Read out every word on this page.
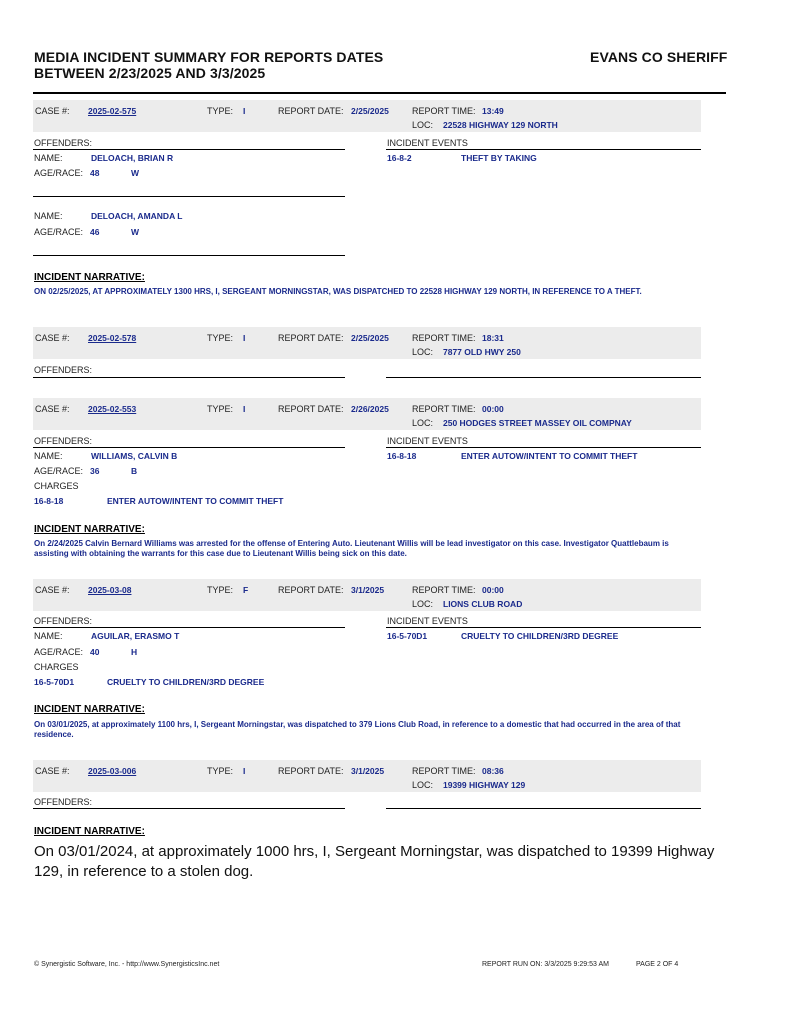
MEDIA INCIDENT SUMMARY FOR REPORTS DATES
BETWEEN 2/23/2025 AND 3/3/2025
EVANS CO SHERIFF
CASE #: 2025-02-575	TYPE: I	REPORT DATE: 2/25/2025	REPORT TIME: 13:49
LOC: 22528 HIGHWAY 129 NORTH
OFFENDERS:	INCIDENT EVENTS
NAME:	DELOACH, BRIAN R
AGE/RACE: 48	W
16-8-2	THEFT BY TAKING
NAME:	DELOACH, AMANDA L
AGE/RACE: 46	W
INCIDENT NARRATIVE:
ON 02/25/2025, AT APPROXIMATELY 1300 HRS, I, SERGEANT MORNINGSTAR, WAS DISPATCHED TO 22528 HIGHWAY 129 NORTH, IN REFERENCE TO A THEFT.
CASE #: 2025-02-578	TYPE: I	REPORT DATE: 2/25/2025	REPORT TIME: 18:31
LOC: 7877 OLD HWY 250
OFFENDERS:
CASE #: 2025-02-553	TYPE: I	REPORT DATE: 2/26/2025	REPORT TIME: 00:00
LOC: 250 HODGES STREET MASSEY OIL COMPNAY
OFFENDERS:	INCIDENT EVENTS
NAME:	WILLIAMS, CALVIN B
AGE/RACE: 36	B
CHARGES
16-8-18	ENTER AUTOW/INTENT TO COMMIT THEFT
16-8-18	ENTER AUTOW/INTENT TO COMMIT THEFT
INCIDENT NARRATIVE:
On 2/24/2025 Calvin Bernard Williams was arrested for the offense of Entering Auto. Lieutenant Willis will be lead investigator on this case. Investigator Quattlebaum is assisting with obtaining the warrants for this case due to Lieutenant Willis being sick on this date.
CASE #: 2025-03-08	TYPE: F	REPORT DATE: 3/1/2025	REPORT TIME: 00:00
LOC: LIONS CLUB ROAD
OFFENDERS:	INCIDENT EVENTS
NAME:	AGUILAR, ERASMO T
AGE/RACE: 40	H
CHARGES
16-5-70D1	CRUELTY TO CHILDREN/3RD DEGREE
16-5-70D1	CRUELTY TO CHILDREN/3RD DEGREE
INCIDENT NARRATIVE:
On 03/01/2025, at approximately 1100 hrs, I, Sergeant Morningstar, was dispatched to 379 Lions Club Road, in reference to a domestic that had occurred in the area of that residence.
CASE #: 2025-03-006	TYPE: I	REPORT DATE: 3/1/2025	REPORT TIME: 08:36
LOC: 19399 HIGHWAY 129
OFFENDERS:
INCIDENT NARRATIVE:
On 03/01/2024, at approximately 1000 hrs, I, Sergeant Morningstar, was dispatched to 19399 Highway 129, in reference to a stolen dog.
© Synergistic Software, Inc. - http://www.SynergisticsInc.net	REPORT RUN ON: 3/3/2025 9:29:53 AM	PAGE 2 OF 4
